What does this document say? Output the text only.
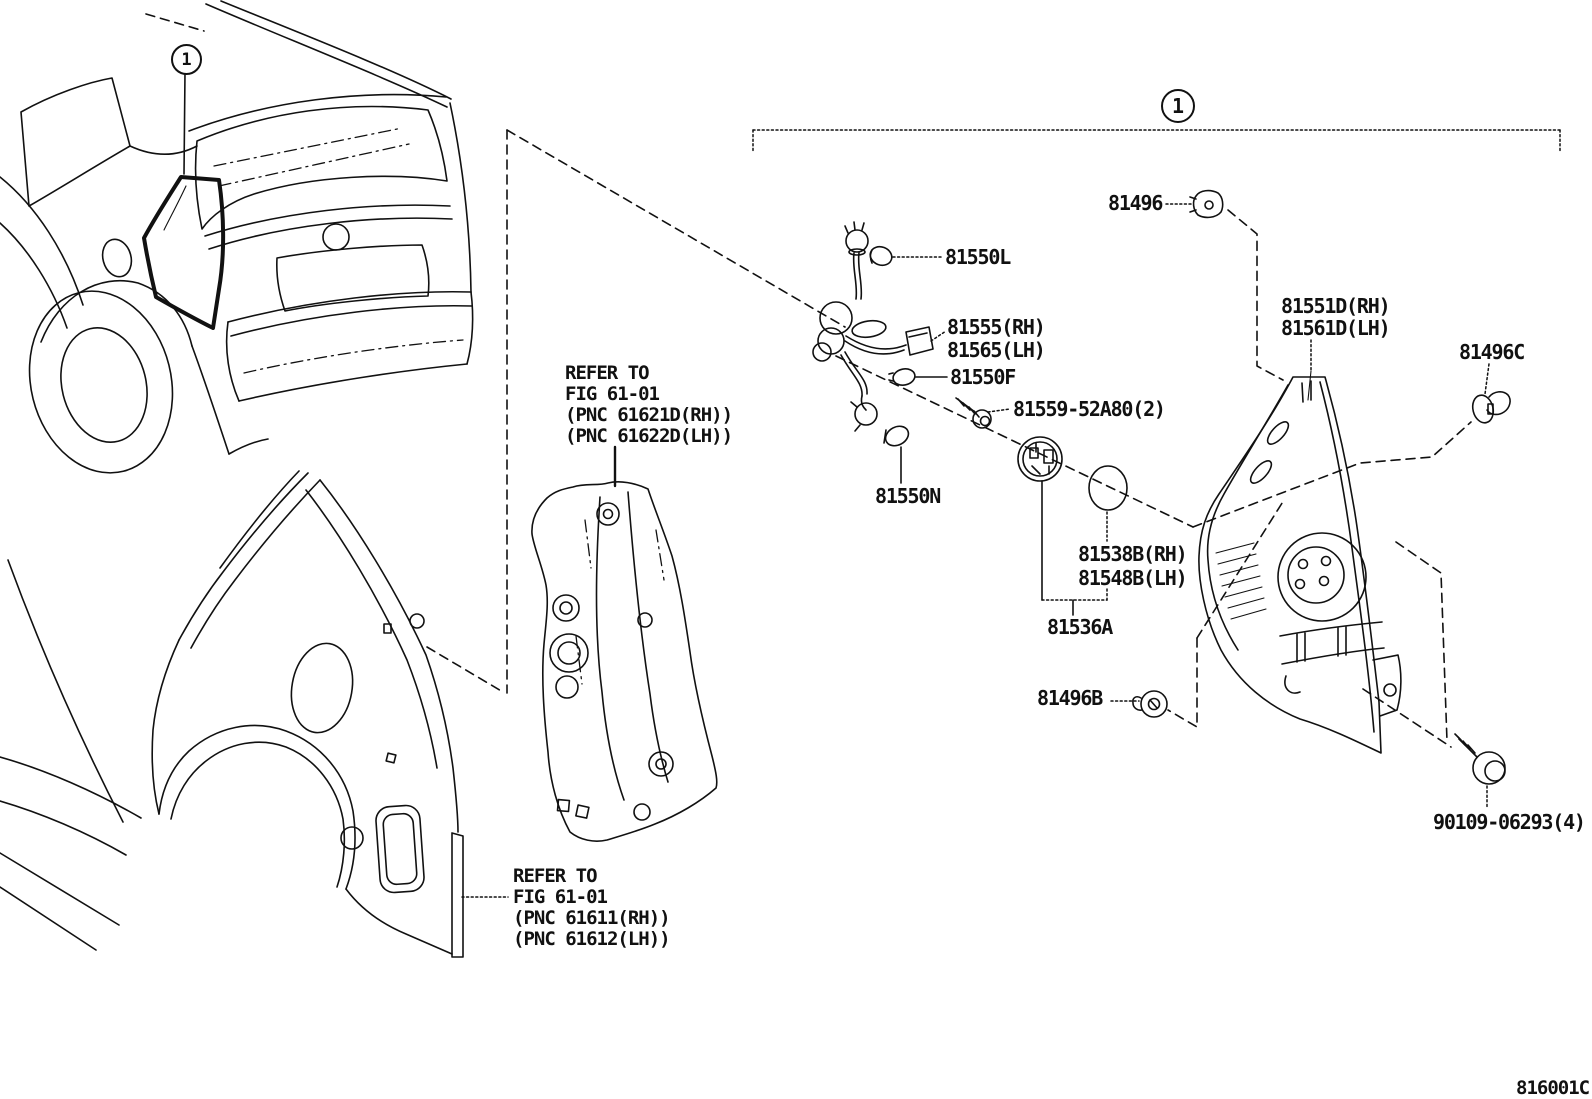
1
1
81496
81550L
81555(RH)
81565(LH)
81550F
81559-52A80(2)
81550N
81551D(RH)
81561D(LH)
81496C
81538B(RH)
81548B(LH)
81536A
81496B
90109-06293(4)
REFER TO
FIG 61-01
(PNC 61621D(RH))
(PNC 61622D(LH))
REFER TO
FIG 61-01
(PNC 61611(RH))
(PNC 61612(LH))
816001C
